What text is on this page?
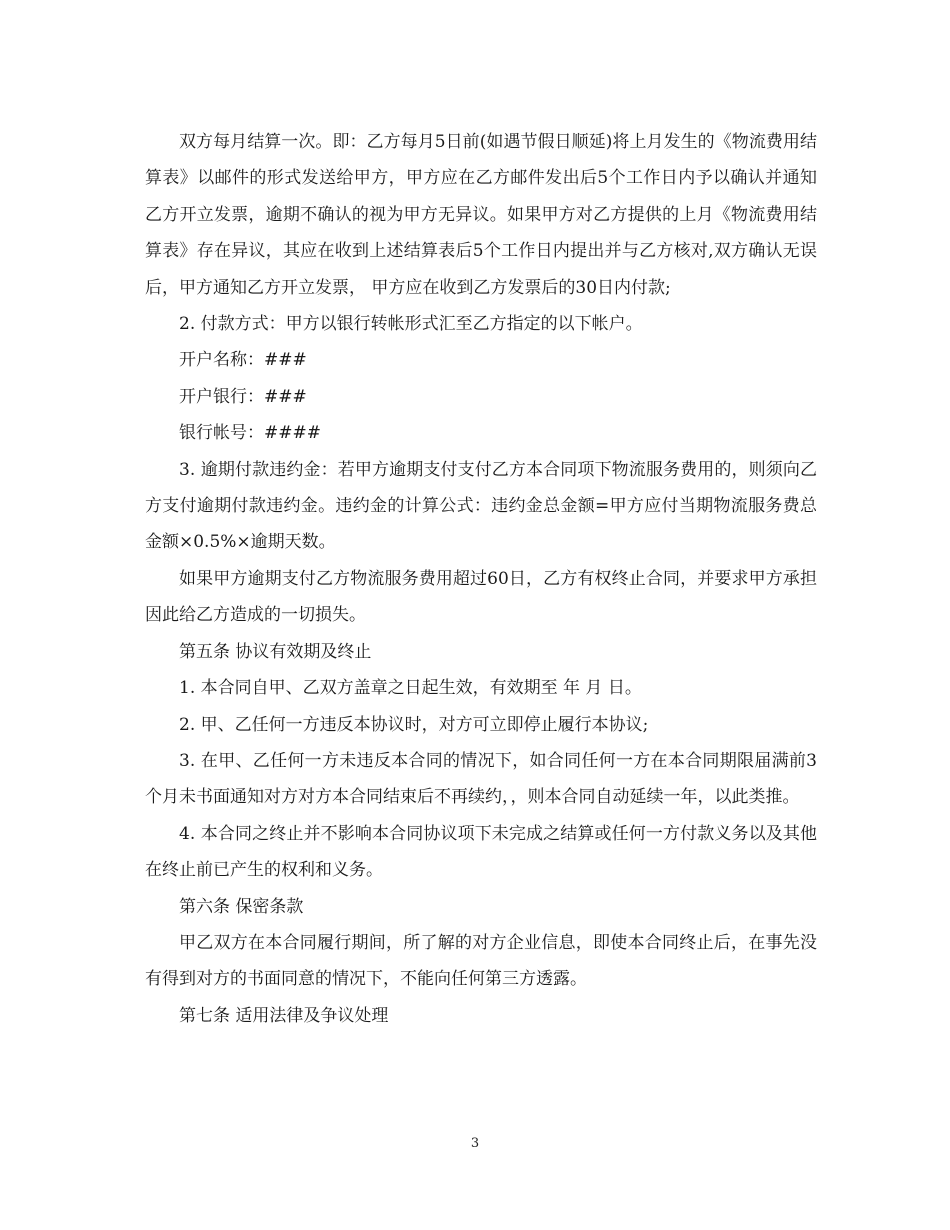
双方每月结算一次。即：乙方每月5日前(如遇节假日顺延)将上月发生的《物流费用结算表》以邮件的形式发送给甲方，甲方应在乙方邮件发出后5个工作日内予以确认并通知乙方开立发票，逾期不确认的视为甲方无异议。如果甲方对乙方提供的上月《物流费用结算表》存在异议，其应在收到上述结算表后5个工作日内提出并与乙方核对,双方确认无误后，甲方通知乙方开立发票， 甲方应在收到乙方发票后的30日内付款;

2. 付款方式：甲方以银行转帐形式汇至乙方指定的以下帐户。

开户名称：###

开户银行：###

银行帐号：####

3. 逾期付款违约金：若甲方逾期支付支付乙方本合同项下物流服务费用的，则须向乙方支付逾期付款违约金。违约金的计算公式：违约金总金额=甲方应付当期物流服务费总金额×0.5%×逾期天数。

如果甲方逾期支付乙方物流服务费用超过60日，乙方有权终止合同，并要求甲方承担因此给乙方造成的一切损失。

第五条 协议有效期及终止

1. 本合同自甲、乙双方盖章之日起生效，有效期至 年 月 日。

2. 甲、乙任何一方违反本协议时，对方可立即停止履行本协议;

3. 在甲、乙任何一方未违反本合同的情况下，如合同任何一方在本合同期限届满前3个月未书面通知对方对方本合同结束后不再续约，，则本合同自动延续一年，以此类推。

4. 本合同之终止并不影响本合同协议项下未完成之结算或任何一方付款义务以及其他在终止前已产生的权利和义务。

第六条 保密条款

甲乙双方在本合同履行期间，所了解的对方企业信息，即使本合同终止后，在事先没有得到对方的书面同意的情况下，不能向任何第三方透露。

第七条 适用法律及争议处理

3
